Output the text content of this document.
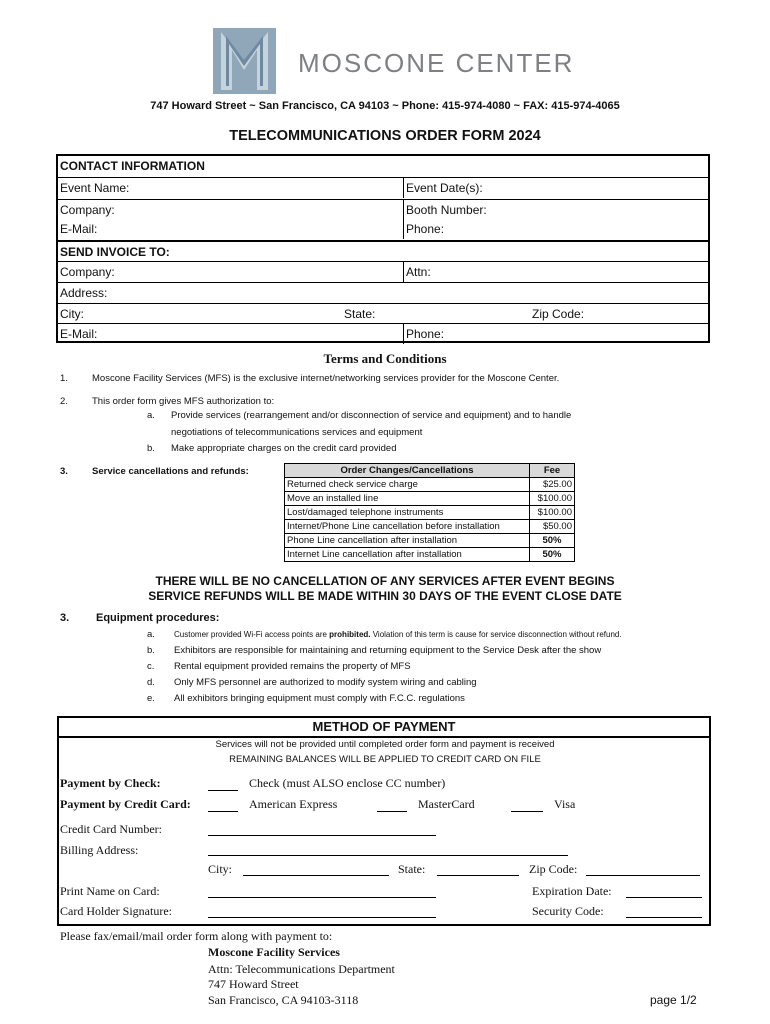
MOSCONE CENTER
747 Howard Street ~ San Francisco, CA 94103 ~ Phone: 415-974-4080 ~ FAX: 415-974-4065
TELECOMMUNICATIONS ORDER FORM 2024
CONTACT INFORMATION
Event Name:	Event Date(s):
Company:	Booth Number:
E-Mail:	Phone:
SEND INVOICE TO:
Company:	Attn:
Address:
City:	State:	Zip Code:
E-Mail:	Phone:
Terms and Conditions
1.	Moscone Facility Services (MFS) is the exclusive internet/networking services provider for the Moscone Center.
2.	This order form gives MFS authorization to:
a. Provide services (rearrangement and/or disconnection of service and equipment) and to handle
negotiations of telecommunications services and equipment
b. Make appropriate charges on the credit card provided
3.	Service cancellations and refunds:	Order Changes/Cancellations	Fee
Returned check service charge	$25.00
Move an installed line	$100.00
Lost/damaged telephone instruments	$100.00
Internet/Phone Line cancellation before installation	$50.00
Phone Line cancellation after installation	50%
Internet Line cancellation after installation	50%
THERE WILL BE NO CANCELLATION OF ANY SERVICES AFTER EVENT BEGINS
SERVICE REFUNDS WILL BE MADE WITHIN 30 DAYS OF THE EVENT CLOSE DATE
3. Equipment procedures:
a. Customer provided Wi-Fi access points are prohibited. Violation of this term is cause for service disconnection without refund.
b. Exhibitors are responsible for maintaining and returning equipment to the Service Desk after the show
c. Rental equipment provided remains the property of MFS
d. Only MFS personnel are authorized to modify system wiring and cabling
e. All exhibitors bringing equipment must comply with F.C.C. regulations
METHOD OF PAYMENT
Services will not be provided until completed order form and payment is received
REMAINING BALANCES WILL BE APPLIED TO CREDIT CARD ON FILE
Payment by Check:	Check (must ALSO enclose CC number)
Payment by Credit Card:	American Express	MasterCard	Visa
Credit Card Number:
Billing Address:
City:	State:	Zip Code:
Print Name on Card:	Expiration Date:
Card Holder Signature:	Security Code:
Please fax/email/mail order form along with payment to:
Moscone Facility Services
Attn: Telecommunications Department
747 Howard Street
San Francisco, CA 94103-3118	page 1/2
